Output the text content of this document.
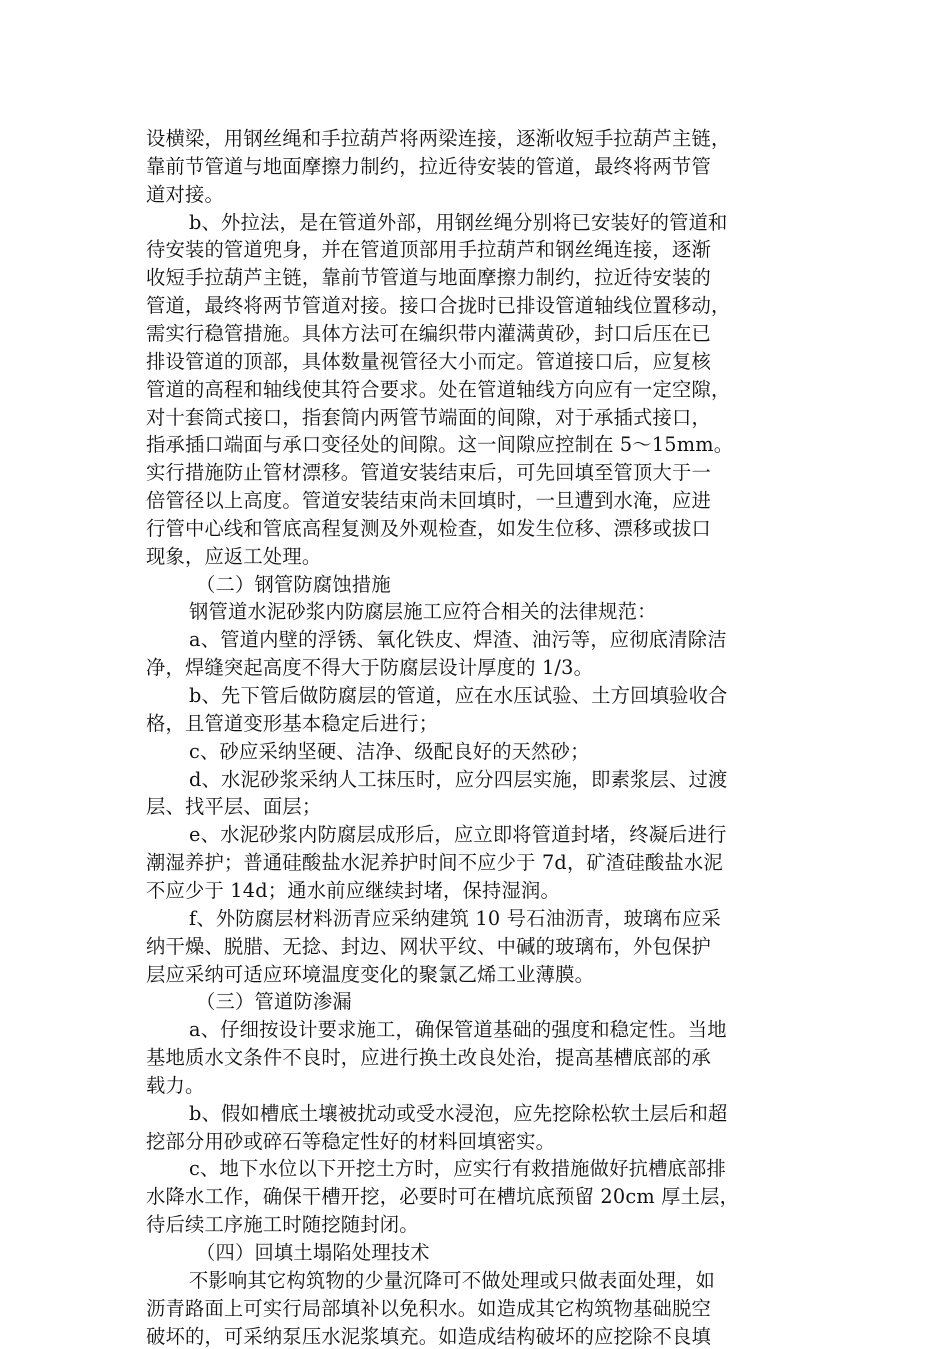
设横梁，用钢丝绳和手拉葫芦将两梁连接，逐渐收短手拉葫芦主链，
靠前节管道与地面摩擦力制约，拉近待安装的管道，最终将两节管
道对接。
b、外拉法，是在管道外部，用钢丝绳分别将已安装好的管道和
待安装的管道兜身，并在管道顶部用手拉葫芦和钢丝绳连接，逐渐
收短手拉葫芦主链，靠前节管道与地面摩擦力制约，拉近待安装的
管道，最终将两节管道对接。接口合拢时已排设管道轴线位置移动，
需实行稳管措施。具体方法可在编织带内灌满黄砂，封口后压在已
排设管道的顶部，具体数量视管径大小而定。管道接口后，应复核
管道的高程和轴线使其符合要求。处在管道轴线方向应有一定空隙，
对十套筒式接口，指套筒内两管节端面的间隙，对于承插式接口，
指承插口端面与承口变径处的间隙。这一间隙应控制在 5～15mm。
实行措施防止管材漂移。管道安装结束后，可先回填至管顶大于一
倍管径以上高度。管道安装结束尚未回填时，一旦遭到水淹，应进
行管中心线和管底高程复测及外观检查，如发生位移、漂移或拔口
现象，应返工处理。
（二）钢管防腐蚀措施
钢管道水泥砂浆内防腐层施工应符合相关的法律规范：
a、管道内壁的浮锈、氧化铁皮、焊渣、油污等，应彻底清除洁
净，焊缝突起高度不得大于防腐层设计厚度的 1/3。
b、先下管后做防腐层的管道，应在水压试验、土方回填验收合
格，且管道变形基本稳定后进行；
c、砂应采纳坚硬、洁净、级配良好的天然砂；
d、水泥砂浆采纳人工抹压时，应分四层实施，即素浆层、过渡
层、找平层、面层；
e、水泥砂浆内防腐层成形后，应立即将管道封堵，终凝后进行
潮湿养护；普通硅酸盐水泥养护时间不应少于 7d，矿渣硅酸盐水泥
不应少于 14d；通水前应继续封堵，保持湿润。
f、外防腐层材料沥青应采纳建筑 10 号石油沥青，玻璃布应采
纳干燥、脱腊、无捻、封边、网状平纹、中碱的玻璃布，外包保护
层应采纳可适应环境温度变化的聚氯乙烯工业薄膜。
（三）管道防渗漏
a、仔细按设计要求施工，确保管道基础的强度和稳定性。当地
基地质水文条件不良时，应进行换土改良处治，提高基槽底部的承
载力。
b、假如槽底土壤被扰动或受水浸泡，应先挖除松软土层后和超
挖部分用砂或碎石等稳定性好的材料回填密实。
c、地下水位以下开挖土方时，应实行有救措施做好抗槽底部排
水降水工作，确保干槽开挖，必要时可在槽坑底预留 20cm 厚土层，
待后续工序施工时随挖随封闭。
（四）回填土塌陷处理技术
不影响其它构筑物的少量沉降可不做处理或只做表面处理，如
沥青路面上可实行局部填补以免积水。如造成其它构筑物基础脱空
破坏的，可采纳泵压水泥浆填充。如造成结构破坏的应挖除不良填
